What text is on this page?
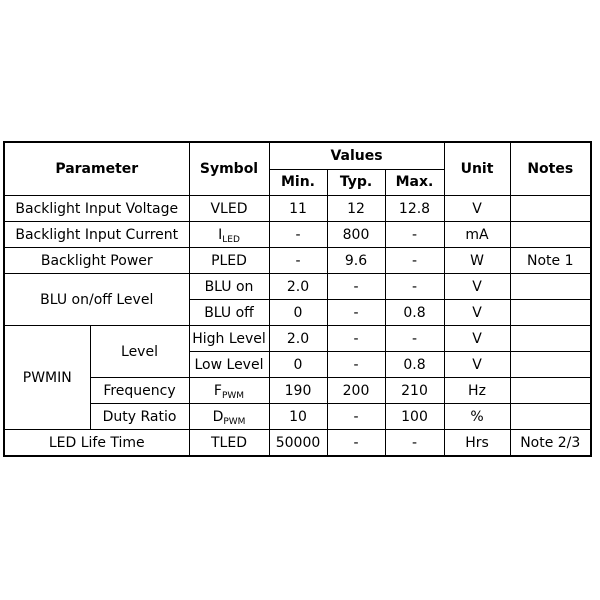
Parameter		Symbol	Values			Unit	Notes
			Min.	Typ.	Max.		
Backlight Input Voltage		VLED	11	12	12.8	V	
Backlight Input Current		$I_{LED}$	-	800	-	mA	
Backlight Power		PLED	-	9.6	-	W	Note 1
BLU on/off Level		BLU on	2.0	-	-	V	
		BLU off	0	-	0.8	V	
PWMIN	Level	High Level	2.0	-	-	V	
		Low Level	0	-	0.8	V	
	Frequency	$F_{PWM}$	190	200	210	Hz	
	Duty Ratio	$D_{PWM}$	10	-	100	%	
LED Life Time		TLED	50000	-	-	Hrs	Note 2/3
